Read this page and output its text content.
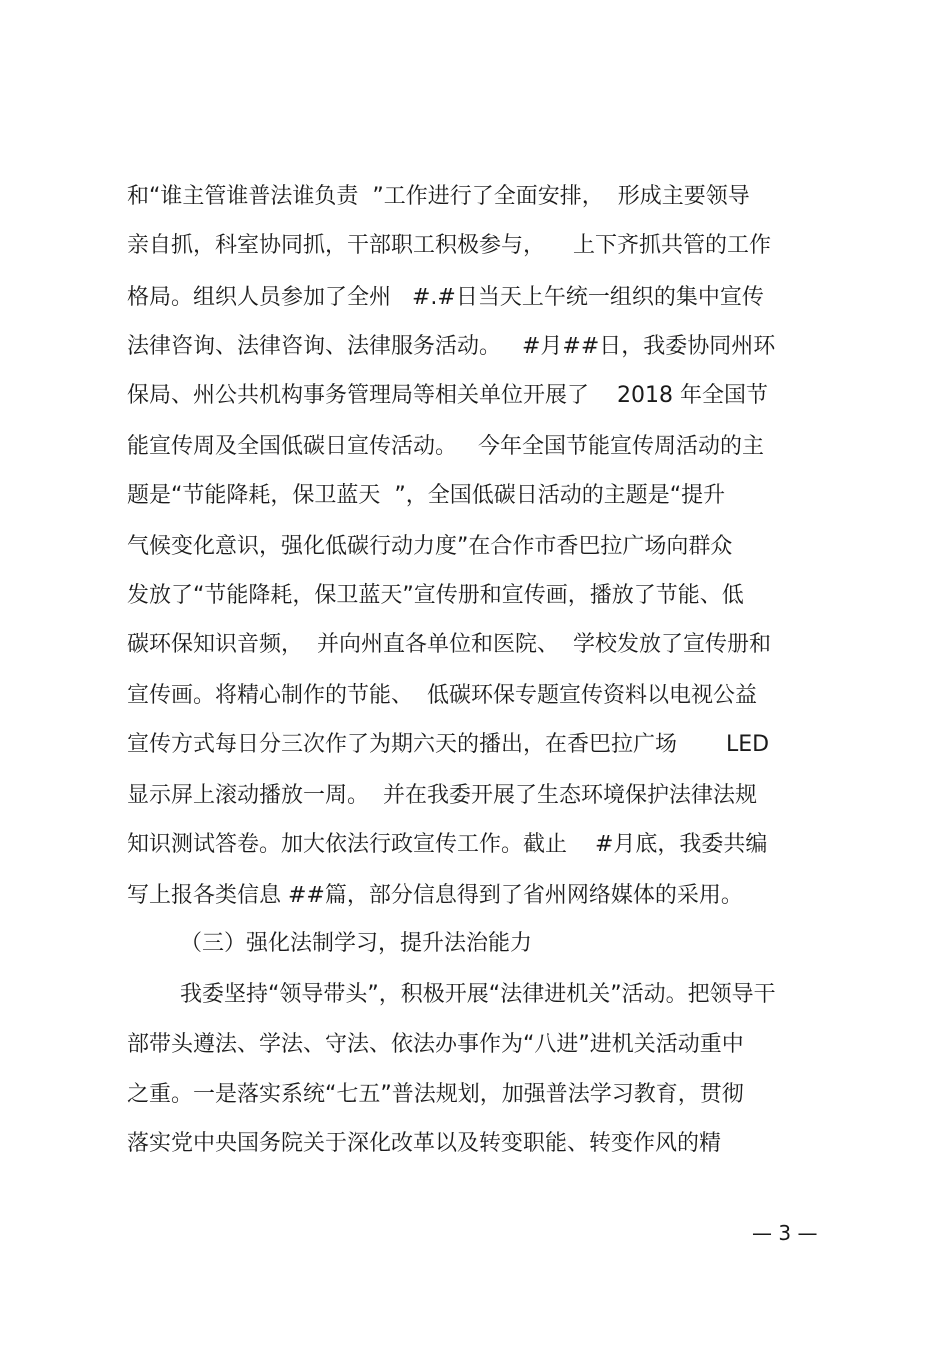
和“谁主管谁普法谁负责  ”工作进行了全面安排，  形成主要领导
亲自抓，科室协同抓，干部职工积极参与，    上下齐抓共管的工作
格局。组织人员参加了全州   #.#日当天上午统一组织的集中宣传
法律咨询、法律咨询、法律服务活动。   #月##日，我委协同州环
保局、州公共机构事务管理局等相关单位开展了    2018 年全国节
能宣传周及全国低碳日宣传活动。   今年全国节能宣传周活动的主
题是“节能降耗，保卫蓝天  ”，全国低碳日活动的主题是“提升
气候变化意识，强化低碳行动力度”在合作市香巴拉广场向群众
发放了“节能降耗，保卫蓝天”宣传册和宣传画，播放了节能、低
碳环保知识音频，  并向州直各单位和医院、  学校发放了宣传册和
宣传画。将精心制作的节能、  低碳环保专题宣传资料以电视公益
宣传方式每日分三次作了为期六天的播出，在香巴拉广场       LED
显示屏上滚动播放一周。  并在我委开展了生态环境保护法律法规
知识测试答卷。加大依法行政宣传工作。截止    #月底，我委共编
写上报各类信息 ##篇，部分信息得到了省州网络媒体的采用。
（三）强化法制学习，提升法治能力
我委坚持“领导带头”，积极开展“法律进机关”活动。把领导干
部带头遵法、学法、守法、依法办事作为“八进”进机关活动重中
之重。一是落实系统“七五”普法规划，加强普法学习教育，贯彻
落实党中央国务院关于深化改革以及转变职能、转变作风的精
— 3 —
